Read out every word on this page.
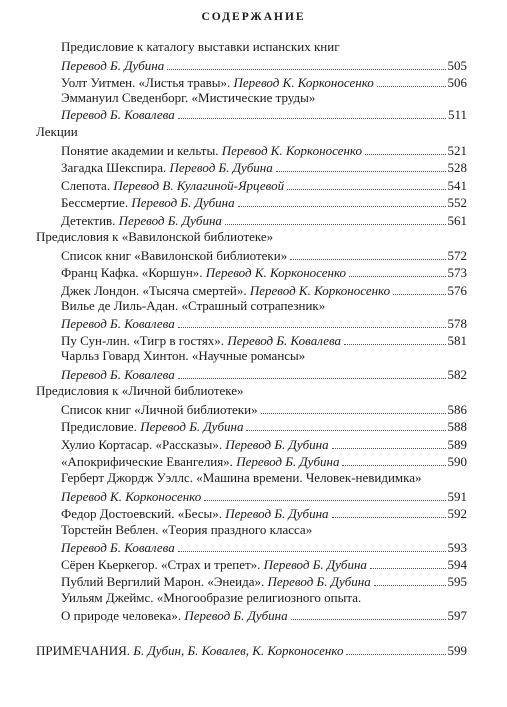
СОДЕРЖАНИЕ
Предисловие к каталогу выставки испанских книг
Перевод Б. Дубина	505
Уолт Уитмен. «Листья травы». Перевод К. Корконосенко	506
Эммануил Сведенборг. «Мистические труды»
Перевод Б. Ковалева	511
Лекции
Понятие академии и кельты. Перевод К. Корконосенко	521
Загадка Шекспира. Перевод Б. Дубина	528
Слепота. Перевод В. Кулагиной-Ярцевой	541
Бессмертие. Перевод Б. Дубина	552
Детектив. Перевод Б. Дубина	561
Предисловия к «Вавилонской библиотеке»
Список книг «Вавилонской библиотеки»	572
Франц Кафка. «Коршун». Перевод К. Корконосенко	573
Джек Лондон. «Тысяча смертей». Перевод К. Корконосенко	576
Вилье де Лиль-Адан. «Страшный сотрапезник»
Перевод Б. Ковалева	578
Пу Сун-лин. «Тигр в гостях». Перевод Б. Ковалева	581
Чарльз Говард Хинтон. «Научные романсы»
Перевод Б. Ковалева	582
Предисловия к «Личной библиотеке»
Список книг «Личной библиотеки»	586
Предисловие. Перевод Б. Дубина	588
Хулио Кортасар. «Рассказы». Перевод Б. Дубина	589
«Апокрифические Евангелия». Перевод Б. Дубина	590
Герберт Джордж Уэллс. «Машина времени. Человек-невидимка»
Перевод К. Корконосенко	591
Федор Достоевский. «Бесы». Перевод Б. Дубина	592
Торстейн Веблен. «Теория праздного класса»
Перевод Б. Ковалева	593
Сёрен Кьеркегор. «Страх и трепет». Перевод Б. Дубина	594
Публий Вергилий Марон. «Энеида». Перевод Б. Дубина	595
Уильям Джеймс. «Многообразие религиозного опыта.
О природе человека». Перевод Б. Дубина	597
ПРИМЕЧАНИЯ. Б. Дубин, Б. Ковалев, К. Корконосенко	599
